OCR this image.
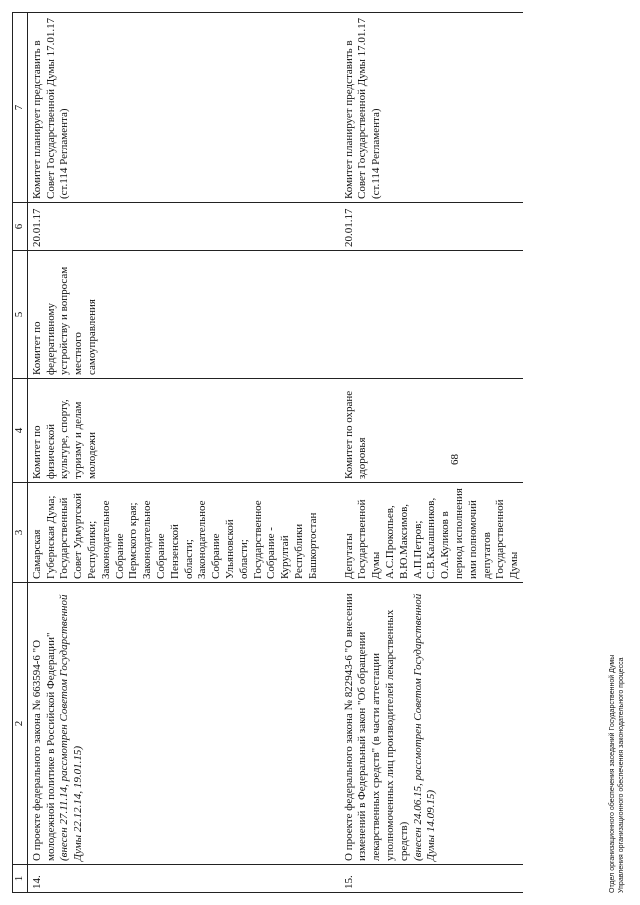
68
1	2	3	4	5	6	7
14.	О проекте федерального закона № 663594-6 "О молодежной политике в Российской Федерации" (внесен 27.11.14, рассмотрен Советом Государственной Думы 22.12.14, 19.01.15)	Самарская Губернская Дума; Государственный Совет Удмуртской Республики; Законодательное Собрание Пермского края; Законодательное Собрание Пензенской области; Законодательное Собрание Ульяновской области; Государственное Собрание - Курултай Республики Башкортостан	Комитет по физической культуре, спорту, туризму и делам молодежи	Комитет по федеративному устройству и вопросам местного самоуправления	20.01.17	Комитет планирует представить в Совет Государственной Думы 17.01.17 (ст.114 Регламента)

15.	О проекте федерального закона № 822943-6 "О внесении изменений в Федеральный закон "Об обращении лекарственных средств" (в части аттестации уполномоченных лиц производителей лекарственных средств) (внесен 24.06.15, рассмотрен Советом Государственной Думы 14.09.15)	Депутаты Государственной Думы А.С.Прокопьев, В.Ю.Максимов, А.П.Петров; С.В.Калашников, О.А.Куликов в период исполнения ими полномочий депутатов Государственной Думы	Комитет по охране здоровья		20.01.17	Комитет планирует представить в Совет Государственной Думы 17.01.17 (ст.114 Регламента)
Отдел организационного обеспечения заседаний Государственной Думы Управления организационного обеспечения законодательного процесса
